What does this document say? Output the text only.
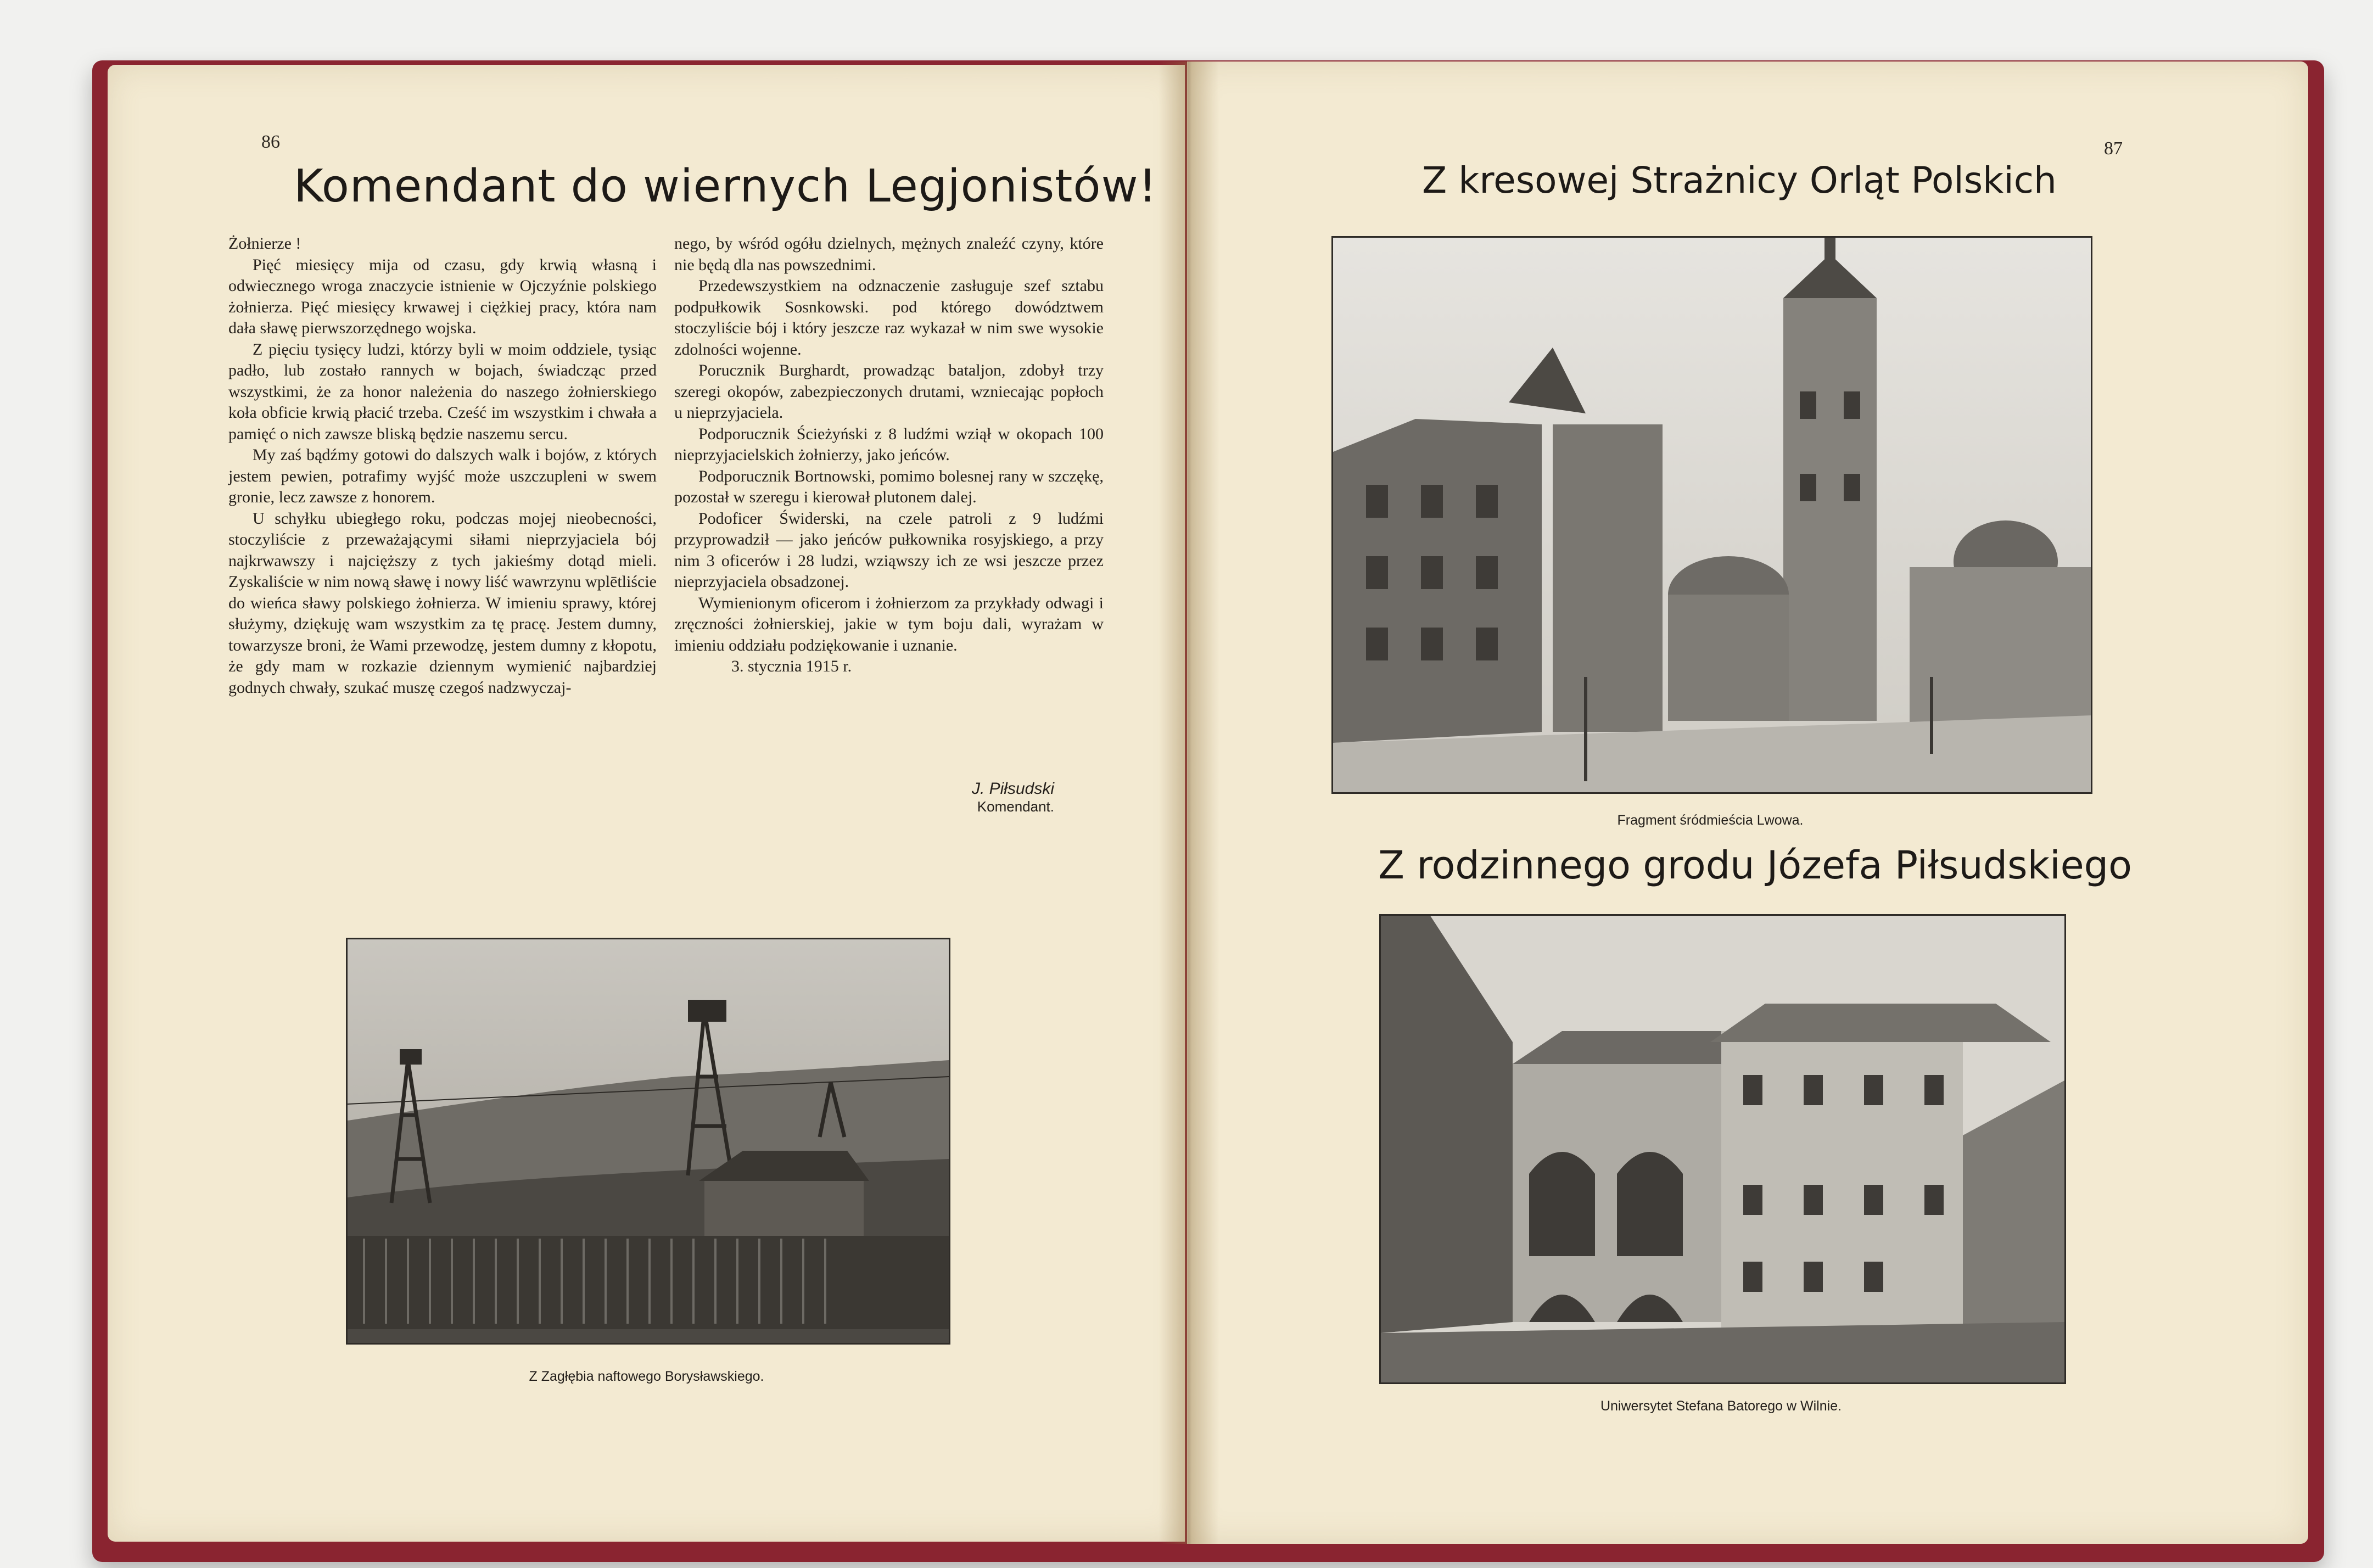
86
Komendant do wiernych Legjonistów!

Żołnierze !

Pięć miesięcy mija od czasu, gdy krwią własną i odwiecznego wroga znaczycie istnienie w Ojczyźnie polskiego żołnierza. Pięć miesięcy krwawej i ciężkiej pracy, która nam dała sławę pierwszorzędnego wojska.

Z pięciu tysięcy ludzi, którzy byli w moim oddziele, tysiąc padło, lub zostało rannych w bojach, świadcząc przed wszystkimi, że za honor należenia do naszego żołnierskiego koła obficie krwią płacić trzeba. Cześć im wszystkim i chwała a pamięć o nich zawsze bliską będzie naszemu sercu.

My zaś bądźmy gotowi do dalszych walk i bojów, z których jestem pewien, potrafimy wyjść może uszczupleni w swem gronie, lecz zawsze z honorem.

U schyłku ubiegłego roku, podczas mojej nieobecności, stoczyliście z przeważającymi siłami nieprzyjaciela bój najkrwawszy i najcięższy z tych jakieśmy dotąd mieli. Zyskaliście w nim nową sławę i nowy liść wawrzynu wplētliście do wieńca sławy polskiego żołnierza. W imieniu sprawy, której służymy, dziękuję wam wszystkim za tę pracę. Jestem dumny, towarzysze broni, że Wami przewodzę, jestem dumny z kłopotu, że gdy mam w rozkazie dziennym wymienić najbardziej godnych chwały, szukać muszę czegoś nadzwyczaj-

nego, by wśród ogółu dzielnych, mężnych znaleźć czyny, które nie będą dla nas powszednimi.

Przedewszystkiem na odznaczenie zasługuje szef sztabu podpułkowik Sosnkowski. pod którego dowództwem stoczyliście bój i który jeszcze raz wykazał w nim swe wysokie zdolności wojenne.

Porucznik Burghardt, prowadząc bataljon, zdobył trzy szeregi okopów, zabezpieczonych drutami, wzniecając popłoch u nieprzyjaciela.

Podporucznik Ścieżyński z 8 ludźmi wziął w okopach 100 nieprzyjacielskich żołnierzy, jako jeńców.

Podporucznik Bortnowski, pomimo bolesnej rany w szczękę, pozostał w szeregu i kierował plutonem dalej.

Podoficer Świderski, na czele patroli z 9 ludźmi przyprowadził — jako jeńców pułkownika rosyjskiego, a przy nim 3 oficerów i 28 ludzi, wziąwszy ich ze wsi jeszcze przez nieprzyjaciela obsadzonej.

Wymienionym oficerom i żołnierzom za przykłady odwagi i zręczności żołnierskiej, jakie w tym boju dali, wyrażam w imieniu oddziału podziękowanie i uznanie.

3. stycznia 1915 r.

J. Piłsudski
Komendant.
Z Zagłębia naftowego Borysławskiego.
87
Z kresowej Strażnicy Orląt Polskich
Fragment śródmieścia Lwowa.
Z rodzinnego grodu Józefa Piłsudskiego
Uniwersytet Stefana Batorego w Wilnie.
